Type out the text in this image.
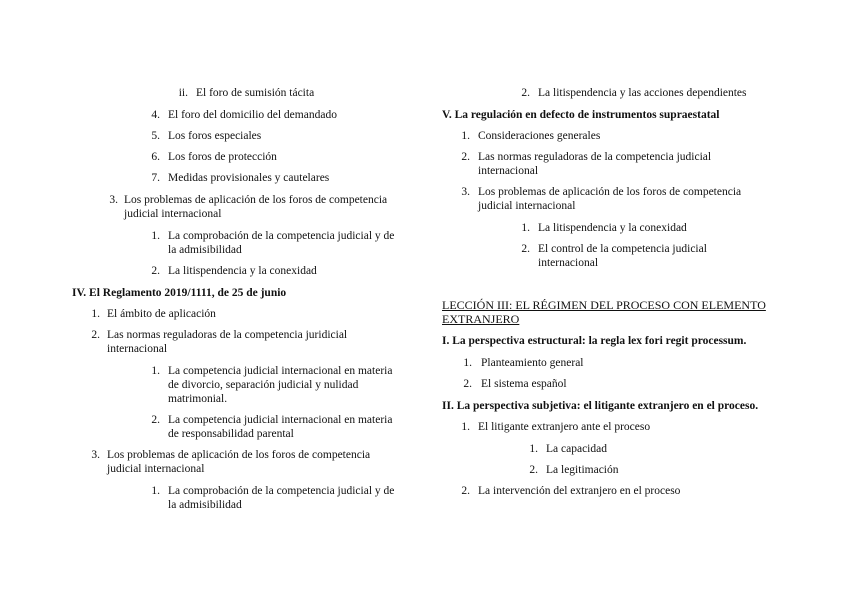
ii. El foro de sumisión tácita
4. El foro del domicilio del demandado
5. Los foros especiales
6. Los foros de protección
7. Medidas provisionales y cautelares
3. Los problemas de aplicación de los foros de competencia
judicial internacional
1. La comprobación de la competencia judicial y de
la admisibilidad
2. La litispendencia y la conexidad
IV. El Reglamento 2019/1111, de 25 de junio
1. El ámbito de aplicación
2. Las normas reguladoras de la competencia juridicial
internacional
1. La competencia judicial internacional en materia
de divorcio, separación judicial y nulidad
matrimonial.
2. La competencia judicial internacional en materia
de responsabilidad parental
3. Los problemas de aplicación de los foros de competencia
judicial internacional
1. La comprobación de la competencia judicial y de
la admisibilidad
2. La litispendencia y las acciones dependientes
V. La regulación en defecto de instrumentos supraestatal
1. Consideraciones generales
2. Las normas reguladoras de la competencia judicial
internacional
3. Los problemas de aplicación de los foros de competencia
judicial internacional
1. La litispendencia y la conexidad
2. El control de la competencia judicial
internacional
LECCIÓN III: EL RÉGIMEN DEL PROCESO CON ELEMENTO
EXTRANJERO
I. La perspectiva estructural: la regla lex fori regit processum.
1. Planteamiento general
2. El sistema español
II. La perspectiva subjetiva: el litigante extranjero en el proceso.
1. El litigante extranjero ante el proceso
1. La capacidad
2. La legitimación
2. La intervención del extranjero en el proceso
